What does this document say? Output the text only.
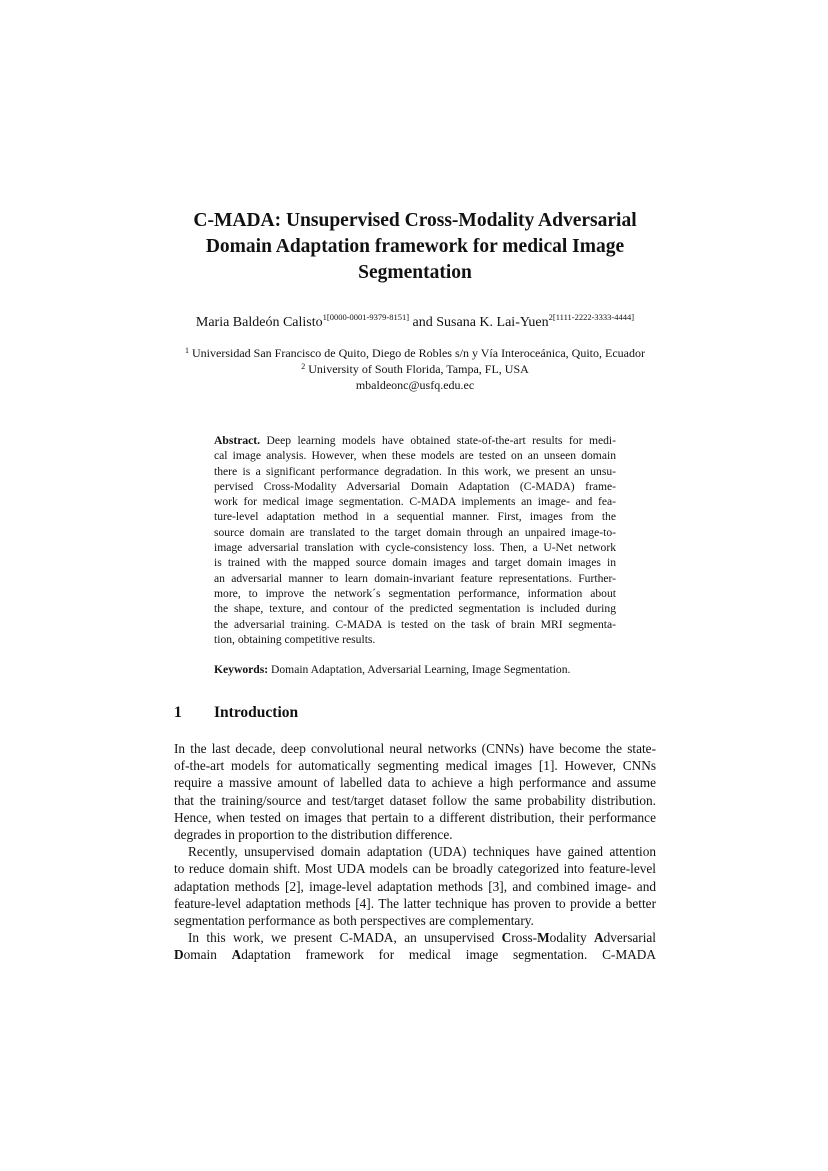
C-MADA: Unsupervised Cross-Modality Adversarial
Domain Adaptation framework for medical Image
Segmentation
Maria Baldeón Calisto$^{1[0000-0001-9379-8151]}$ and Susana K. Lai-Yuen$^{2[1111-2222-3333-4444]}$
$^1$ Universidad San Francisco de Quito, Diego de Robles s/n y Vía Interoceánica, Quito, Ecuador
$^2$ University of South Florida, Tampa, FL, USA
mbaldeonc@usfq.edu.ec
Abstract. Deep learning models have obtained state-of-the-art results for medi-
cal image analysis. However, when these models are tested on an unseen domain
there is a significant performance degradation. In this work, we present an unsu-
pervised Cross-Modality Adversarial Domain Adaptation (C-MADA) frame-
work for medical image segmentation. C-MADA implements an image- and fea-
ture-level adaptation method in a sequential manner. First, images from the
source domain are translated to the target domain through an unpaired image-to-
image adversarial translation with cycle-consistency loss. Then, a U-Net network
is trained with the mapped source domain images and target domain images in
an adversarial manner to learn domain-invariant feature representations. Further-
more, to improve the network´s segmentation performance, information about
the shape, texture, and contour of the predicted segmentation is included during
the adversarial training. C-MADA is tested on the task of brain MRI segmenta-
tion, obtaining competitive results.
Keywords: Domain Adaptation, Adversarial Learning, Image Segmentation.
1 Introduction
In the last decade, deep convolutional neural networks (CNNs) have become the state-
of-the-art models for automatically segmenting medical images [1]. However, CNNs
require a massive amount of labelled data to achieve a high performance and assume
that the training/source and test/target dataset follow the same probability distribution.
Hence, when tested on images that pertain to a different distribution, their performance
degrades in proportion to the distribution difference.
Recently, unsupervised domain adaptation (UDA) techniques have gained attention
to reduce domain shift. Most UDA models can be broadly categorized into feature-level
adaptation methods [2], image-level adaptation methods [3], and combined image- and
feature-level adaptation methods [4]. The latter technique has proven to provide a better
segmentation performance as both perspectives are complementary.
In this work, we present C-MADA, an unsupervised Cross-Modality Adversarial
Domain Adaptation framework for medical image segmentation. C-MADA
